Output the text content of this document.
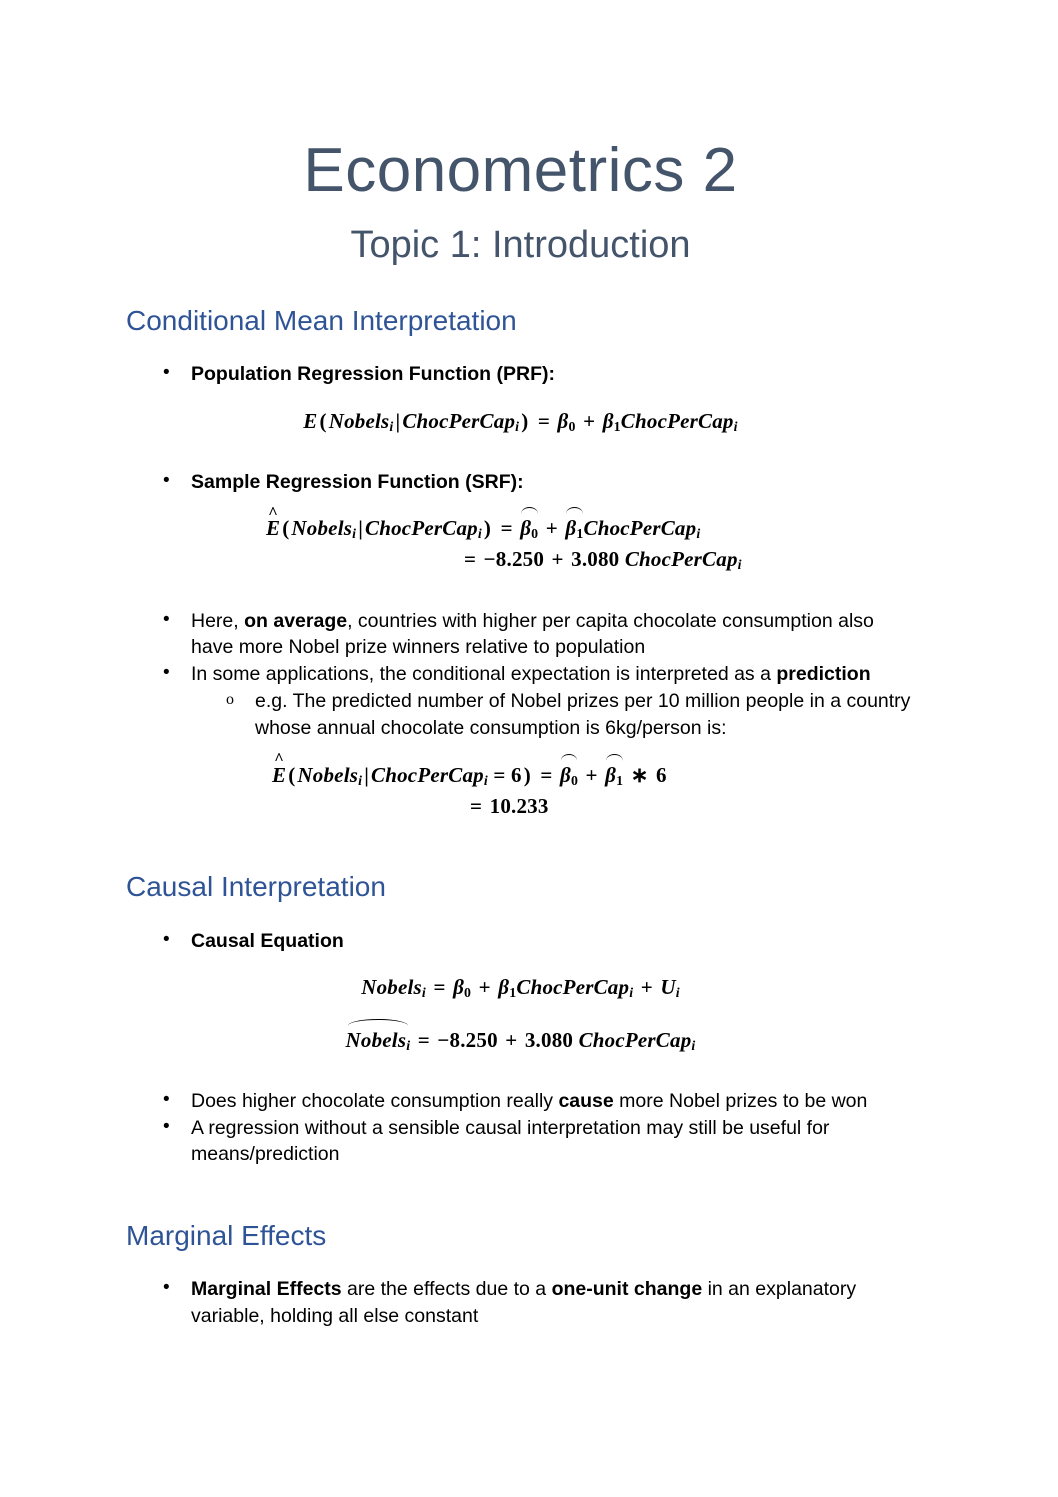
Econometrics 2
Topic 1: Introduction
Conditional Mean Interpretation
• Population Regression Function (PRF):
E(Nobels$_i$|ChocPerCap$_i$) = $\beta_0$ + $\beta_1ChocPerCap_i$
• Sample Regression Function (SRF):
^
E(Nobels$_i$|ChocPerCap$_i$) = $\beta_0$ + $\beta_1ChocPerCap_i$
= −8.250 + 3.080 ChocPerCap$_i$
• Here, on average, countries with higher per capita chocolate consumption also have more Nobel prize winners relative to population
• In some applications, the conditional expectation is interpreted as a prediction
o e.g. The predicted number of Nobel prizes per 10 million people in a country whose annual chocolate consumption is 6kg/person is:
^
E(Nobels$_i$|ChocPerCap$_i$ = $6) = \beta_0 + \beta_1$ ∗ 6
= 10.233
Causal Interpretation
• Causal Equation
Nobels$_i$ = $\beta_0$ + $\beta_1ChocPerCap_i + U_i$
Nobels$_i$ = −8.250 + 3.080 ChocPerCap$_i$
• Does higher chocolate consumption really cause more Nobel prizes to be won
• A regression without a sensible causal interpretation may still be useful for means/prediction
Marginal Effects
• Marginal Effects are the effects due to a one-unit change in an explanatory variable, holding all else constant
